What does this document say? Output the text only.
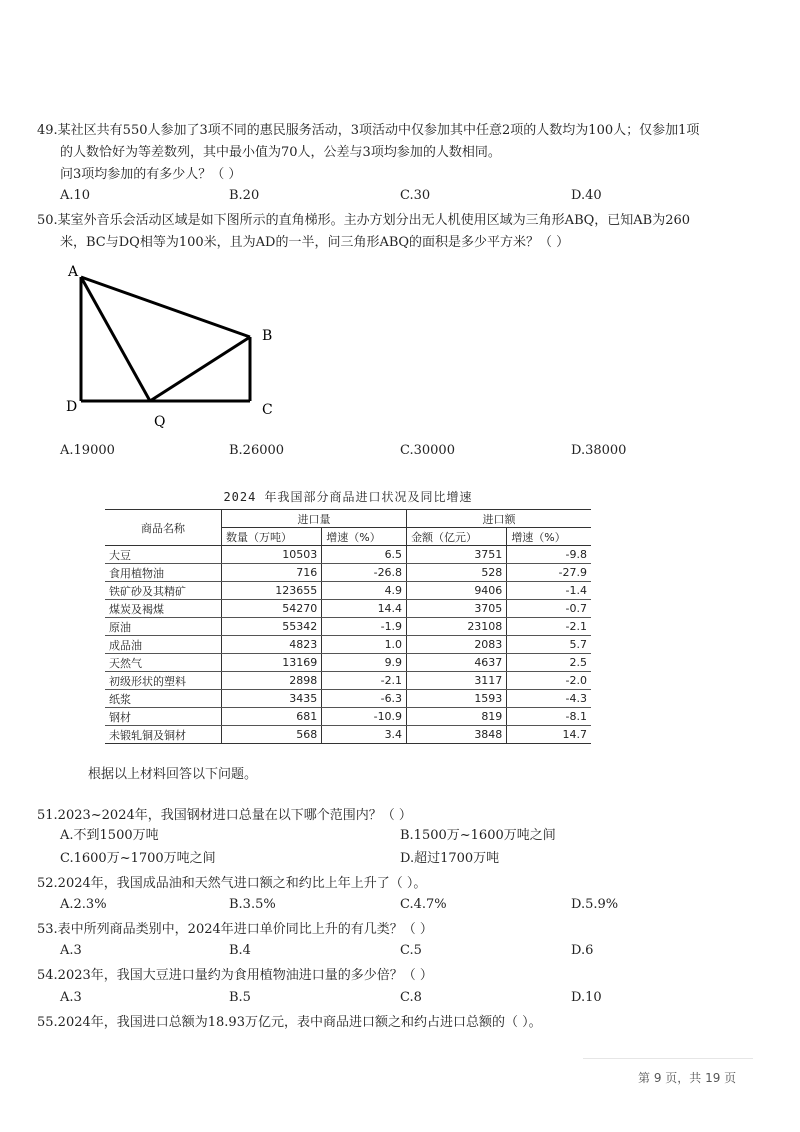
49.某社区共有550人参加了3项不同的惠民服务活动，3项活动中仅参加其中任意2项的人数均为100人；仅参加1项
的人数恰好为等差数列，其中最小值为70人，公差与3项均参加的人数相同。
问3项均参加的有多少人？（ ）
A.10	B.20	C.30	D.40
50.某室外音乐会活动区域是如下图所示的直角梯形。主办方划分出无人机使用区域为三角形ABQ，已知AB为260
米，BC与DQ相等为100米，且为AD的一半，问三角形ABQ的面积是多少平方米？（ ）
A
B
C
D
Q
A.19000	B.26000	C.30000	D.38000
2024 年我国部分商品进口状况及同比增速
商品名称	进口量		进口额	
	数量（万吨）	增速（%）	金额（亿元）	增速（%）
大豆	10503	6.5	3751	-9.8
食用植物油	716	-26.8	528	-27.9
铁矿砂及其精矿	123655	4.9	9406	-1.4
煤炭及褐煤	54270	14.4	3705	-0.7
原油	55342	-1.9	23108	-2.1
成品油	4823	1.0	2083	5.7
天然气	13169	9.9	4637	2.5
初级形状的塑料	2898	-2.1	3117	-2.0
纸浆	3435	-6.3	1593	-4.3
钢材	681	-10.9	819	-8.1
未锻轧铜及铜材	568	3.4	3848	14.7
根据以上材料回答以下问题。
51.2023~2024年，我国钢材进口总量在以下哪个范围内？（ ）
A.不到1500万吨	B.1500万~1600万吨之间
C.1600万~1700万吨之间	D.超过1700万吨
52.2024年，我国成品油和天然气进口额之和约比上年上升了（ ）。
A.2.3%	B.3.5%	C.4.7%	D.5.9%
53.表中所列商品类别中，2024年进口单价同比上升的有几类？（ ）
A.3	B.4	C.5	D.6
54.2023年，我国大豆进口量约为食用植物油进口量的多少倍？（ ）
A.3	B.5	C.8	D.10
55.2024年，我国进口总额为18.93万亿元，表中商品进口额之和约占进口总额的（ ）。
第 9 页，共 19 页
